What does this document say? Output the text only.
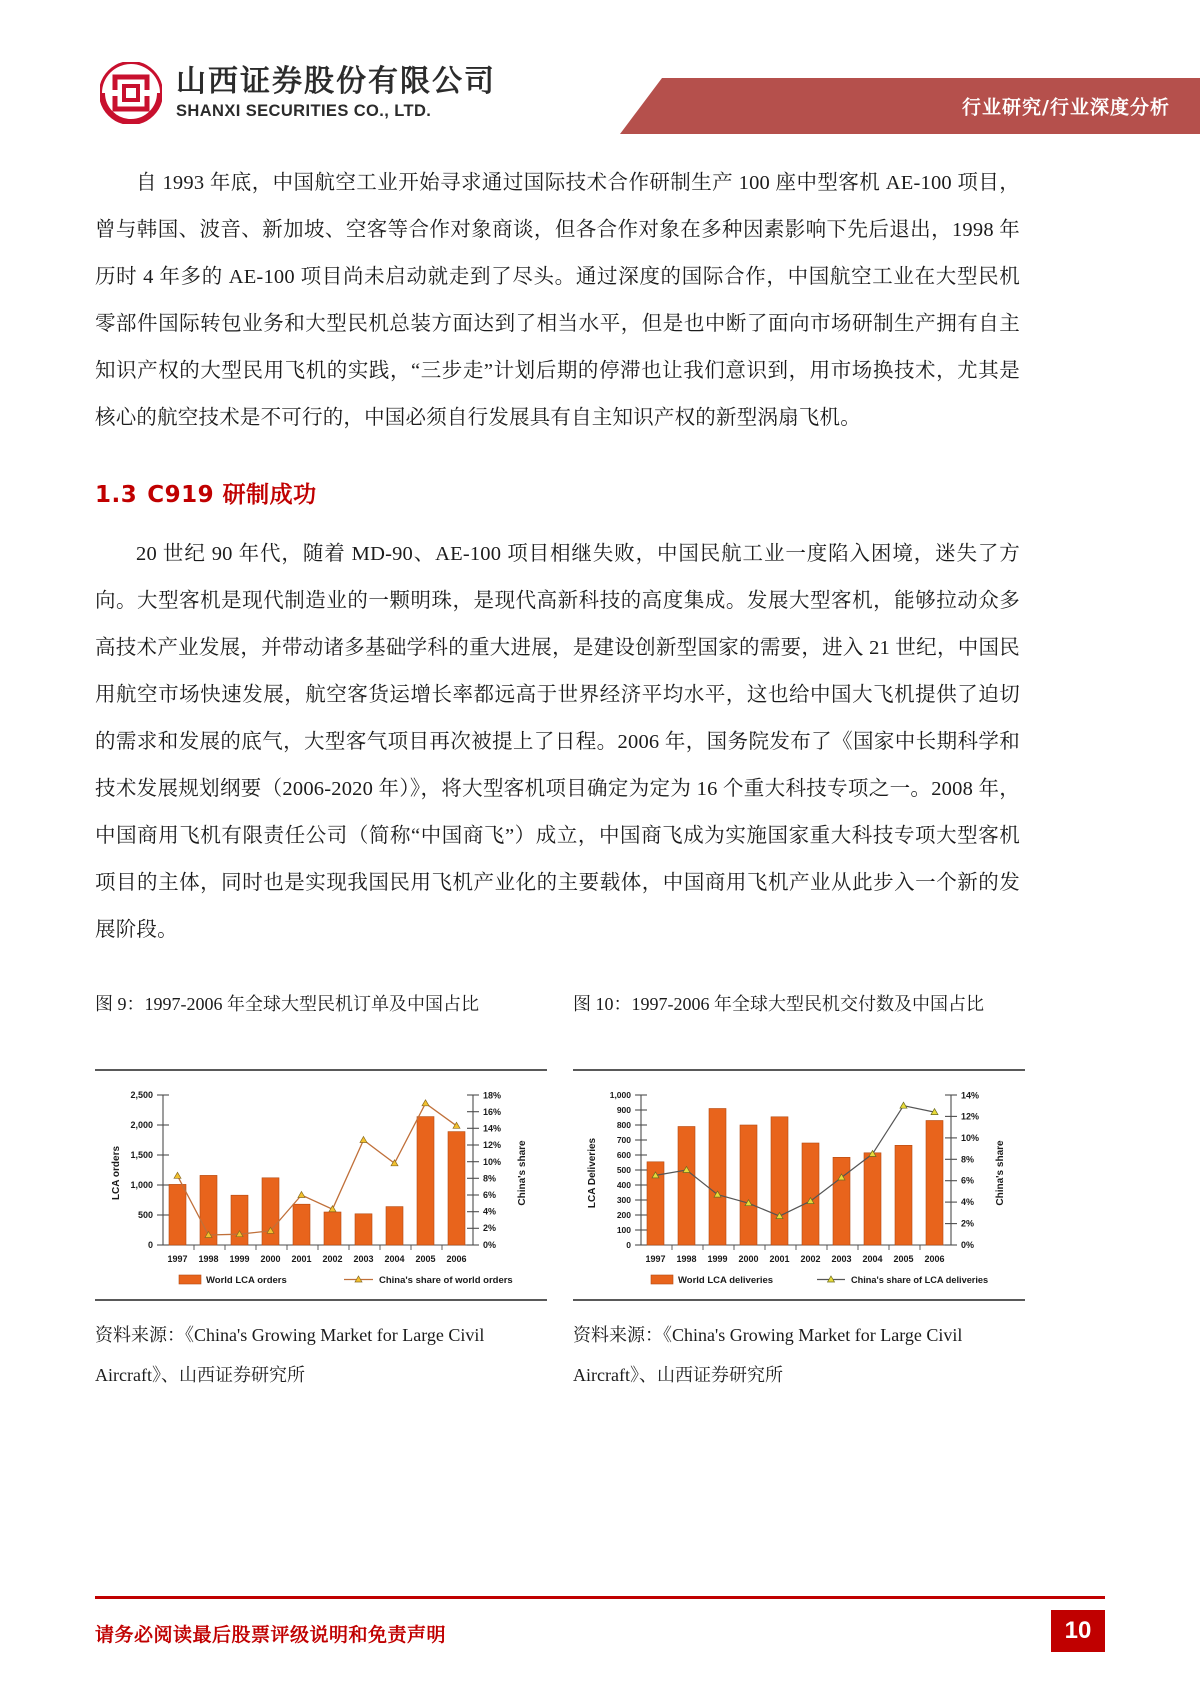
山西证券股份有限公司
SHANXI SECURITIES CO., LTD.	行业研究/行业深度分析

自 1993 年底，中国航空工业开始寻求通过国际技术合作研制生产 100 座中型客机 AE-100 项目，曾与韩国、波音、新加坡、空客等合作对象商谈，但各合作对象在多种因素影响下先后退出，1998 年历时 4 年多的 AE-100 项目尚未启动就走到了尽头。通过深度的国际合作，中国航空工业在大型民机零部件国际转包业务和大型民机总装方面达到了相当水平，但是也中断了面向市场研制生产拥有自主知识产权的大型民用飞机的实践，“三步走”计划后期的停滞也让我们意识到，用市场换技术，尤其是核心的航空技术是不可行的，中国必须自行发展具有自主知识产权的新型涡扇飞机。

1.3 C919 研制成功

20 世纪 90 年代，随着 MD-90、AE-100 项目相继失败，中国民航工业一度陷入困境，迷失了方向。大型客机是现代制造业的一颗明珠，是现代高新科技的高度集成。发展大型客机，能够拉动众多高技术产业发展，并带动诸多基础学科的重大进展，是建设创新型国家的需要，进入 21 世纪，中国民用航空市场快速发展，航空客货运增长率都远高于世界经济平均水平，这也给中国大飞机提供了迫切的需求和发展的底气，大型客气项目再次被提上了日程。2006 年，国务院发布了《国家中长期科学和技术发展规划纲要（2006-2020 年）》，将大型客机项目确定为定为 16 个重大科技专项之一。2008 年，中国商用飞机有限责任公司（简称“中国商飞”）成立，中国商飞成为实施国家重大科技专项大型客机项目的主体，同时也是实现我国民用飞机产业化的主要载体，中国商用飞机产业从此步入一个新的发展阶段。

图 9：1997-2006 年全球大型民机订单及中国占比
0
500
1,000
1,500
2,000
2,500
LCA orders
0%
2%
4%
6%
8%
10%
12%
14%
16%
18%
China's share
1997 1998 1999 2000 2001 2002 2003 2004 2005 2006
World LCA orders	China's share of world orders
资料来源：《China's Growing Market for Large Civil Aircraft》、山西证券研究所
图 10：1997-2006 年全球大型民机交付数及中国占比
0
100
200
300
400
500
600
700
800
900
1,000
LCA Deliveries
0%
2%
4%
6%
8%
10%
12%
14%
China's share
1997 1998 1999 2000 2001 2002 2003 2004 2005 2006
World LCA deliveries	China's share of LCA deliveries
资料来源：《China's Growing Market for Large Civil Aircraft》、山西证券研究所
请务必阅读最后股票评级说明和免责声明	10
